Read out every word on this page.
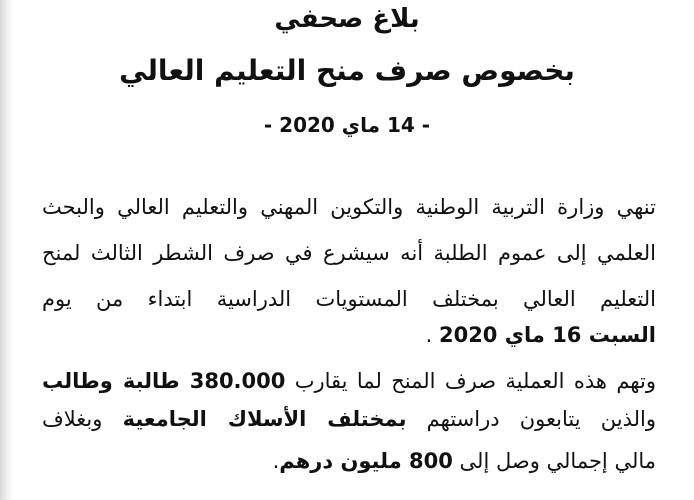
بلاغ صحفي
بخصوص صرف منح التعليم العالي
- 14 ماي 2020 -
تنهي وزارة التربية الوطنية والتكوين المهني والتعليم العالي والبحث
العلمي إلى عموم الطلبة أنه سيشرع في صرف الشطر الثالث لمنح
التعليم العالي بمختلف المستويات الدراسية ابتداء من يوم
السبت 16 ماي 2020 .
وتهم هذه العملية صرف المنح لما يقارب 380.000 طالبة وطالب
والذين يتابعون دراستهم بمختلف الأسلاك الجامعية وبغلاف
مالي إجمالي وصل إلى 800 مليون درهم.
